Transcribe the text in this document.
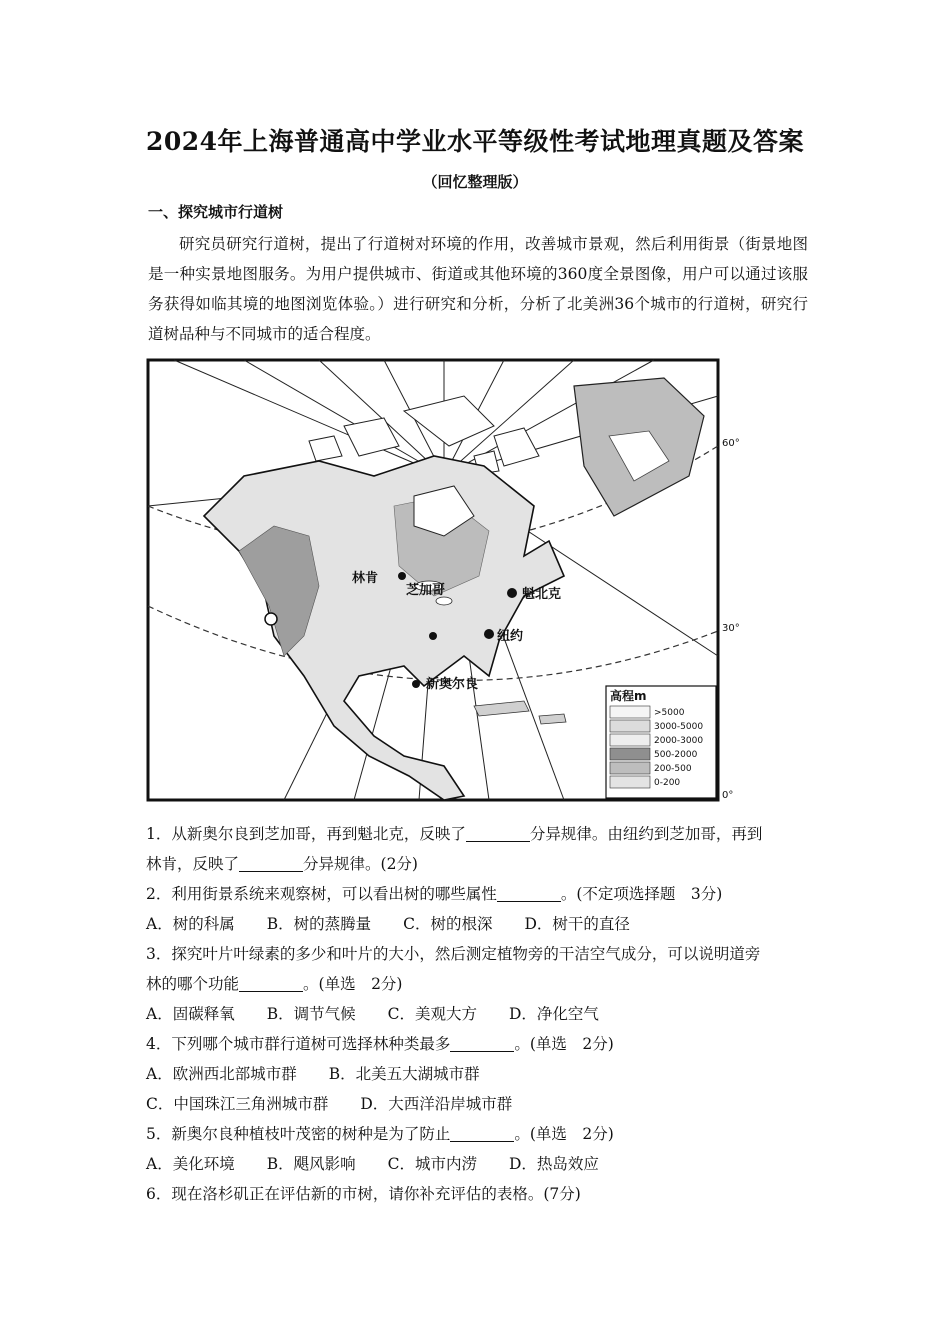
2024年上海普通高中学业水平等级性考试地理真题及答案
（回忆整理版）
一、探究城市行道树
研究员研究行道树，提出了行道树对环境的作用，改善城市景观，然后利用街景（街景地图是一种实景地图服务。为用户提供城市、街道或其他环境的360度全景图像，用户可以通过该服务获得如临其境的地图浏览体验。）进行研究和分析，分析了北美洲36个城市的行道树，研究行道树品种与不同城市的适合程度。
林肯
芝加哥	魁北克
纽约
新奥尔良
60°
30°
0°
高程m
>5000
3000-5000
2000-3000
500-2000
200-500
0-200
1．从新奥尔良到芝加哥，再到魁北克，反映了	分异规律。由纽约到芝加哥，再到
林肯，反映了	分异规律。(2分)
2．利用街景系统来观察树，可以看出树的哪些属性	。(不定项选择题　3分)
A．树的科属 B．树的蒸腾量 C．树的根深 D．树干的直径
3．探究叶片叶绿素的多少和叶片的大小，然后测定植物旁的干洁空气成分，可以说明道旁
林的哪个功能	。(单选　2分)
A．固碳释氧 B．调节气候 C．美观大方 D．净化空气
4．下列哪个城市群行道树可选择林种类最多	。(单选　2分)
A．欧洲西北部城市群 B．北美五大湖城市群
C．中国珠江三角洲城市群 D．大西洋沿岸城市群
5．新奥尔良种植枝叶茂密的树种是为了防止	。(单选　2分)
A．美化环境 B．飓风影响 C．城市内涝 D．热岛效应
6．现在洛杉矶正在评估新的市树，请你补充评估的表格。(7分)
